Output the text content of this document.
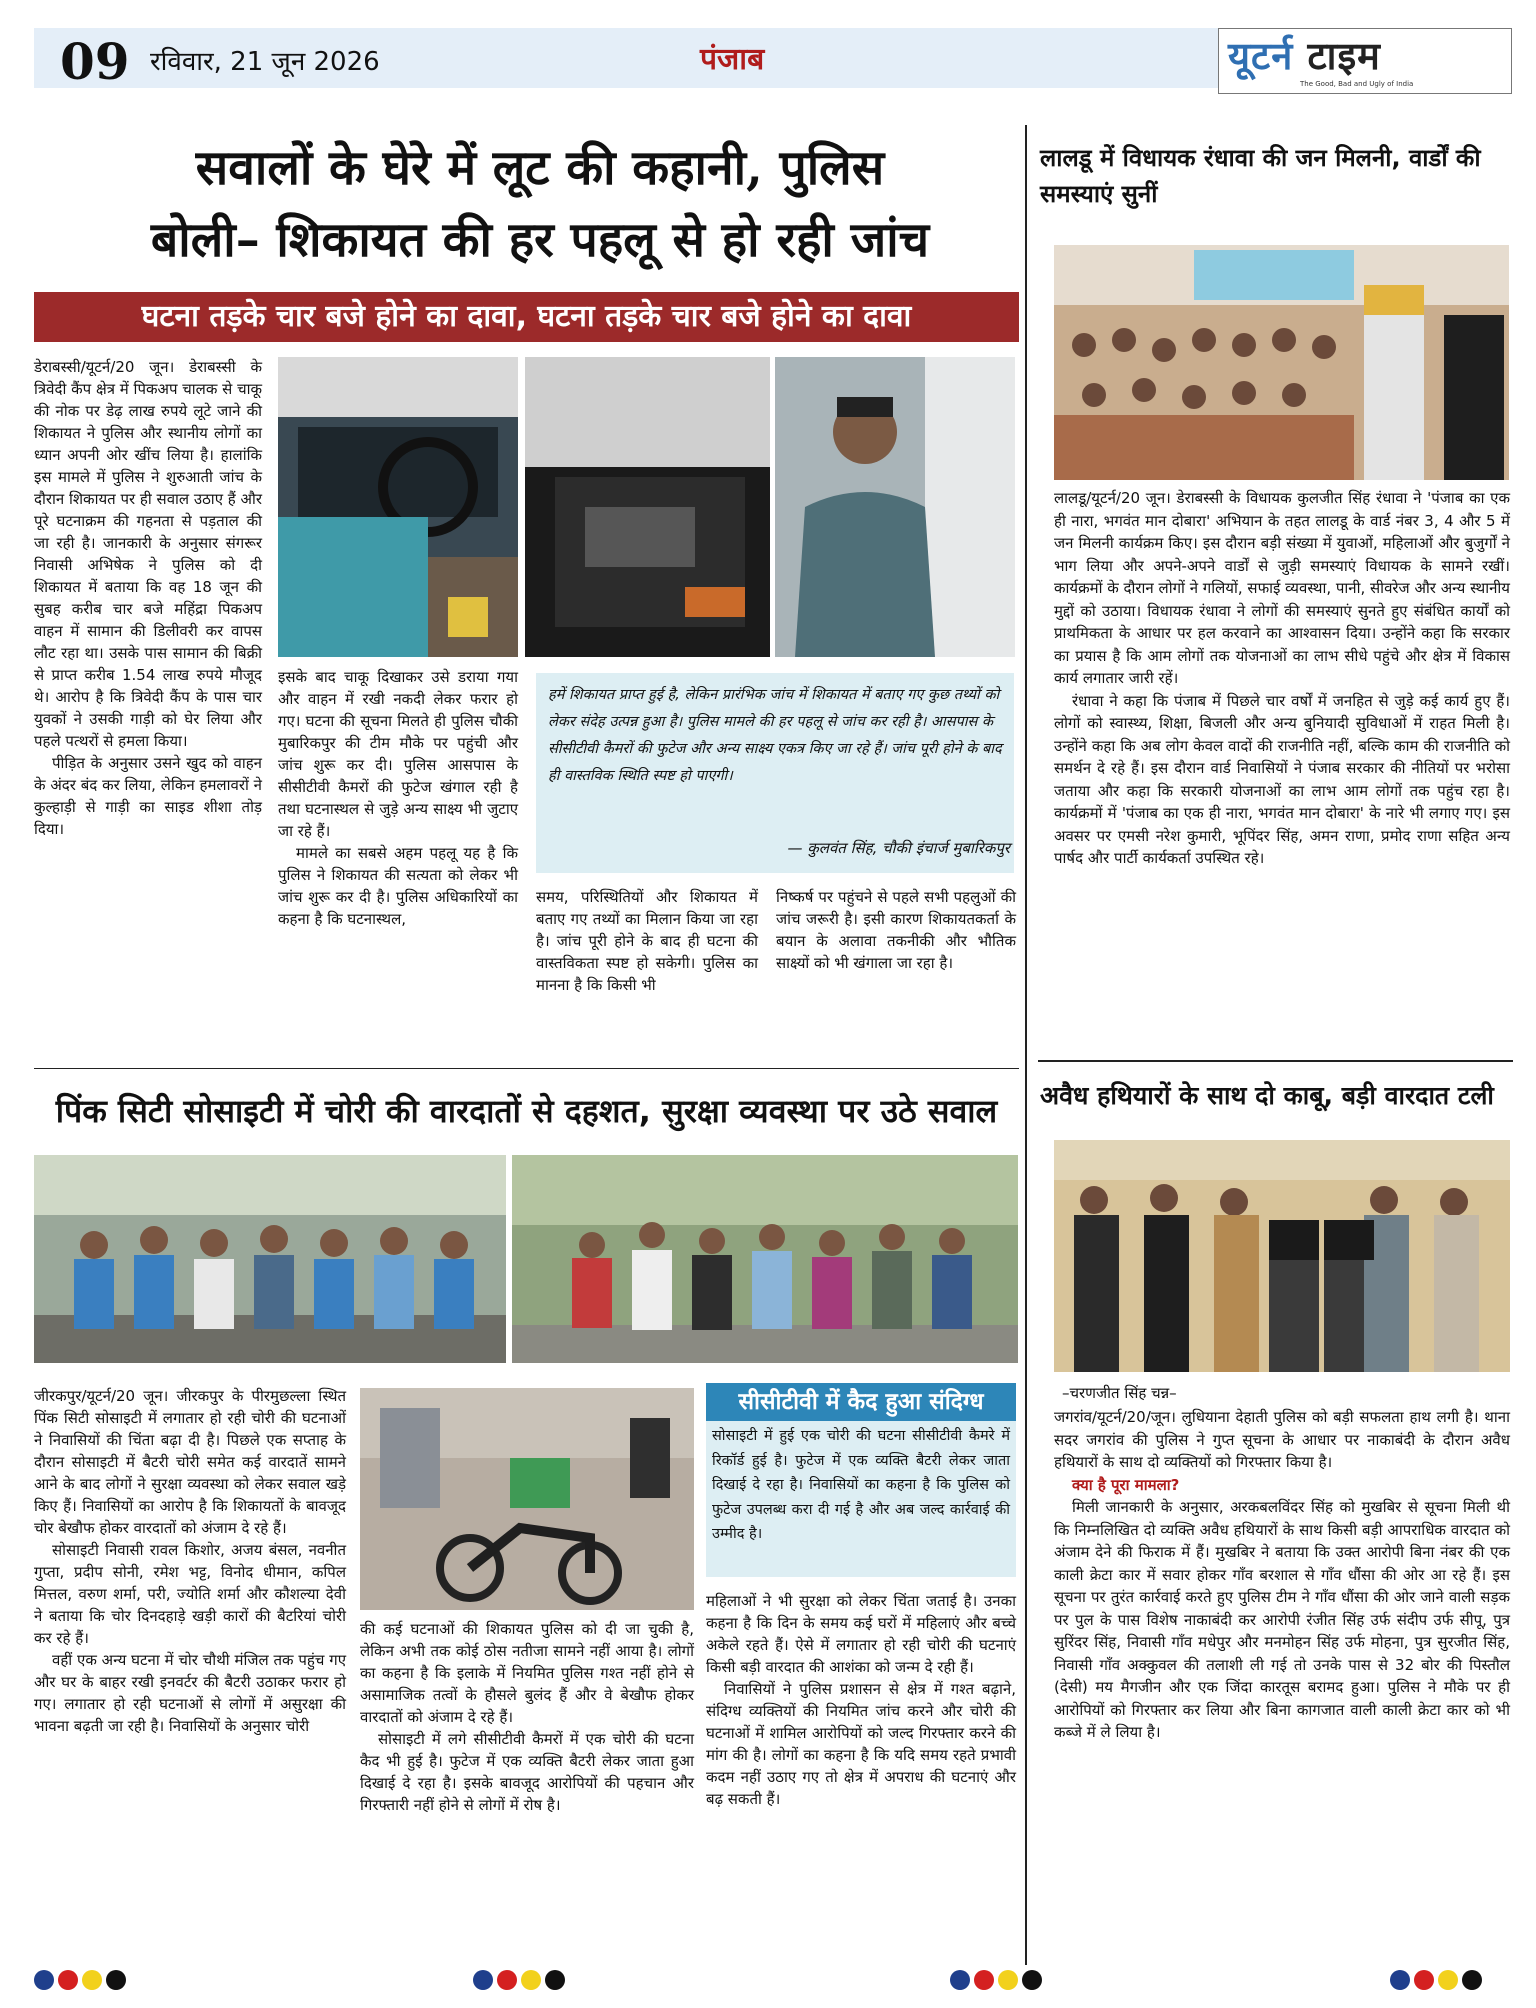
09 रविवार, 21 जून 2026	पंजाब	यूटर्न टाइम
The Good, Bad and Ugly of India
सवालों के घेरे में लूट की कहानी, पुलिस
बोली– शिकायत की हर पहलू से हो रही जांच
घटना तड़के चार बजे होने का दावा, घटना तड़के चार बजे होने का दावा

डेराबस्सी/यूटर्न/20 जून। डेराबस्सी के त्रिवेदी कैंप क्षेत्र में पिकअप चालक से चाकू की नोक पर डेढ़ लाख रुपये लूटे जाने की शिकायत ने पुलिस और स्थानीय लोगों का ध्यान अपनी ओर खींच लिया है। हालांकि इस मामले में पुलिस ने शुरुआती जांच के दौरान शिकायत पर ही सवाल उठाए हैं और पूरे घटनाक्रम की गहनता से पड़ताल की जा रही है। जानकारी के अनुसार संगरूर निवासी अभिषेक ने पुलिस को दी शिकायत में बताया कि वह 18 जून की सुबह करीब चार बजे महिंद्रा पिकअप वाहन में सामान की डिलीवरी कर वापस लौट रहा था। उसके पास सामान की बिक्री से प्राप्त करीब 1.54 लाख रुपये मौजूद थे। आरोप है कि त्रिवेदी कैंप के पास चार युवकों ने उसकी गाड़ी को घेर लिया और पहले पत्थरों से हमला किया।

पीड़ित के अनुसार उसने खुद को वाहन के अंदर बंद कर लिया, लेकिन हमलावरों ने कुल्हाड़ी से गाड़ी का साइड शीशा तोड़ दिया।

इसके बाद चाकू दिखाकर उसे डराया गया और वाहन में रखी नकदी लेकर फरार हो गए। घटना की सूचना मिलते ही पुलिस चौकी मुबारिकपुर की टीम मौके पर पहुंची और जांच शुरू कर दी। पुलिस आसपास के सीसीटीवी कैमरों की फुटेज खंगाल रही है तथा घटनास्थल से जुड़े अन्य साक्ष्य भी जुटाए जा रहे हैं।

मामले का सबसे अहम पहलू यह है कि पुलिस ने शिकायत की सत्यता को लेकर भी जांच शुरू कर दी है। पुलिस अधिकारियों का कहना है कि घटनास्थल,

हमें शिकायत प्राप्त हुई है, लेकिन प्रारंभिक जांच में शिकायत में बताए गए कुछ तथ्यों को लेकर संदेह उत्पन्न हुआ है। पुलिस मामले की हर पहलू से जांच कर रही है। आसपास के सीसीटीवी कैमरों की फुटेज और अन्य साक्ष्य एकत्र किए जा रहे हैं। जांच पूरी होने के बाद ही वास्तविक स्थिति स्पष्ट हो पाएगी।
— कुलवंत सिंह, चौकी इंचार्ज मुबारिकपुर

समय, परिस्थितियों और शिकायत में बताए गए तथ्यों का मिलान किया जा रहा है। जांच पूरी होने के बाद ही घटना की वास्तविकता स्पष्ट हो सकेगी। पुलिस का मानना है कि किसी भी

निष्कर्ष पर पहुंचने से पहले सभी पहलुओं की जांच जरूरी है। इसी कारण शिकायतकर्ता के बयान के अलावा तकनीकी और भौतिक साक्ष्यों को भी खंगाला जा रहा है।

पिंक सिटी सोसाइटी में चोरी की वारदातों से दहशत, सुरक्षा व्यवस्था पर उठे सवाल

जीरकपुर/यूटर्न/20 जून। जीरकपुर के पीरमुछल्ला स्थित पिंक सिटी सोसाइटी में लगातार हो रही चोरी की घटनाओं ने निवासियों की चिंता बढ़ा दी है। पिछले एक सप्ताह के दौरान सोसाइटी में बैटरी चोरी समेत कई वारदातें सामने आने के बाद लोगों ने सुरक्षा व्यवस्था को लेकर सवाल खड़े किए हैं। निवासियों का आरोप है कि शिकायतों के बावजूद चोर बेखौफ होकर वारदातों को अंजाम दे रहे हैं।

सोसाइटी निवासी रावल किशोर, अजय बंसल, नवनीत गुप्ता, प्रदीप सोनी, रमेश भट्ट, विनोद धीमान, कपिल मित्तल, वरुण शर्मा, परी, ज्योति शर्मा और कौशल्या देवी ने बताया कि चोर दिनदहाड़े खड़ी कारों की बैटरियां चोरी कर रहे हैं।

वहीं एक अन्य घटना में चोर चौथी मंजिल तक पहुंच गए और घर के बाहर रखी इनवर्टर की बैटरी उठाकर फरार हो गए। लगातार हो रही घटनाओं से लोगों में असुरक्षा की भावना बढ़ती जा रही है। निवासियों के अनुसार चोरी

की कई घटनाओं की शिकायत पुलिस को दी जा चुकी है, लेकिन अभी तक कोई ठोस नतीजा सामने नहीं आया है। लोगों का कहना है कि इलाके में नियमित पुलिस गश्त नहीं होने से असामाजिक तत्वों के हौसले बुलंद हैं और वे बेखौफ होकर वारदातों को अंजाम दे रहे हैं।

सोसाइटी में लगे सीसीटीवी कैमरों में एक चोरी की घटना कैद भी हुई है। फुटेज में एक व्यक्ति बैटरी लेकर जाता हुआ दिखाई दे रहा है। इसके बावजूद आरोपियों की पहचान और गिरफ्तारी नहीं होने से लोगों में रोष है।

सीसीटीवी में कैद हुआ संदिग्ध
सोसाइटी में हुई एक चोरी की घटना सीसीटीवी कैमरे में रिकॉर्ड हुई है। फुटेज में एक व्यक्ति बैटरी लेकर जाता दिखाई दे रहा है। निवासियों का कहना है कि पुलिस को फुटेज उपलब्ध करा दी गई है और अब जल्द कार्रवाई की उम्मीद है।

महिलाओं ने भी सुरक्षा को लेकर चिंता जताई है। उनका कहना है कि दिन के समय कई घरों में महिलाएं और बच्चे अकेले रहते हैं। ऐसे में लगातार हो रही चोरी की घटनाएं किसी बड़ी वारदात की आशंका को जन्म दे रही हैं।

निवासियों ने पुलिस प्रशासन से क्षेत्र में गश्त बढ़ाने, संदिग्ध व्यक्तियों की नियमित जांच करने और चोरी की घटनाओं में शामिल आरोपियों को जल्द गिरफ्तार करने की मांग की है। लोगों का कहना है कि यदि समय रहते प्रभावी कदम नहीं उठाए गए तो क्षेत्र में अपराध की घटनाएं और बढ़ सकती हैं।

लालडू में विधायक रंधावा की जन मिलनी, वार्डों की समस्याएं सुनीं

लालडू/यूटर्न/20 जून। डेराबस्सी के विधायक कुलजीत सिंह रंधावा ने 'पंजाब का एक ही नारा, भगवंत मान दोबारा' अभियान के तहत लालडू के वार्ड नंबर 3, 4 और 5 में जन मिलनी कार्यक्रम किए। इस दौरान बड़ी संख्या में युवाओं, महिलाओं और बुजुर्गों ने भाग लिया और अपने-अपने वार्डों से जुड़ी समस्याएं विधायक के सामने रखीं। कार्यक्रमों के दौरान लोगों ने गलियों, सफाई व्यवस्था, पानी, सीवरेज और अन्य स्थानीय मुद्दों को उठाया। विधायक रंधावा ने लोगों की समस्याएं सुनते हुए संबंधित कार्यों को प्राथमिकता के आधार पर हल करवाने का आश्वासन दिया। उन्होंने कहा कि सरकार का प्रयास है कि आम लोगों तक योजनाओं का लाभ सीधे पहुंचे और क्षेत्र में विकास कार्य लगातार जारी रहें।

रंधावा ने कहा कि पंजाब में पिछले चार वर्षों में जनहित से जुड़े कई कार्य हुए हैं। लोगों को स्वास्थ्य, शिक्षा, बिजली और अन्य बुनियादी सुविधाओं में राहत मिली है। उन्होंने कहा कि अब लोग केवल वादों की राजनीति नहीं, बल्कि काम की राजनीति को समर्थन दे रहे हैं। इस दौरान वार्ड निवासियों ने पंजाब सरकार की नीतियों पर भरोसा जताया और कहा कि सरकारी योजनाओं का लाभ आम लोगों तक पहुंच रहा है। कार्यक्रमों में 'पंजाब का एक ही नारा, भगवंत मान दोबारा' के नारे भी लगाए गए। इस अवसर पर एमसी नरेश कुमारी, भूपिंदर सिंह, अमन राणा, प्रमोद राणा सहित अन्य पार्षद और पार्टी कार्यकर्ता उपस्थित रहे।

अवैध हथियारों के साथ दो काबू, बड़ी वारदात टली
–चरणजीत सिंह चन्न–

जगरांव/यूटर्न/20/जून। लुधियाना देहाती पुलिस को बड़ी सफलता हाथ लगी है। थाना सदर जगरांव की पुलिस ने गुप्त सूचना के आधार पर नाकाबंदी के दौरान अवैध हथियारों के साथ दो व्यक्तियों को गिरफ्तार किया है।

क्या है पूरा मामला?

मिली जानकारी के अनुसार, अरकबलविंदर सिंह को मुखबिर से सूचना मिली थी कि निम्नलिखित दो व्यक्ति अवैध हथियारों के साथ किसी बड़ी आपराधिक वारदात को अंजाम देने की फिराक में हैं। मुखबिर ने बताया कि उक्त आरोपी बिना नंबर की एक काली क्रेटा कार में सवार होकर गाँव बरशाल से गाँव धौंसा की ओर आ रहे हैं। इस सूचना पर तुरंत कार्रवाई करते हुए पुलिस टीम ने गाँव धौंसा की ओर जाने वाली सड़क पर पुल के पास विशेष नाकाबंदी कर आरोपी रंजीत सिंह उर्फ संदीप उर्फ सीपू, पुत्र सुरिंदर सिंह, निवासी गाँव मधेपुर और मनमोहन सिंह उर्फ मोहना, पुत्र सुरजीत सिंह, निवासी गाँव अक्कुवल की तलाशी ली गई तो उनके पास से 32 बोर की पिस्तौल (देसी) मय मैगजीन और एक जिंदा कारतूस बरामद हुआ। पुलिस ने मौके पर ही आरोपियों को गिरफ्तार कर लिया और बिना कागजात वाली काली क्रेटा कार को भी कब्जे में ले लिया है।
